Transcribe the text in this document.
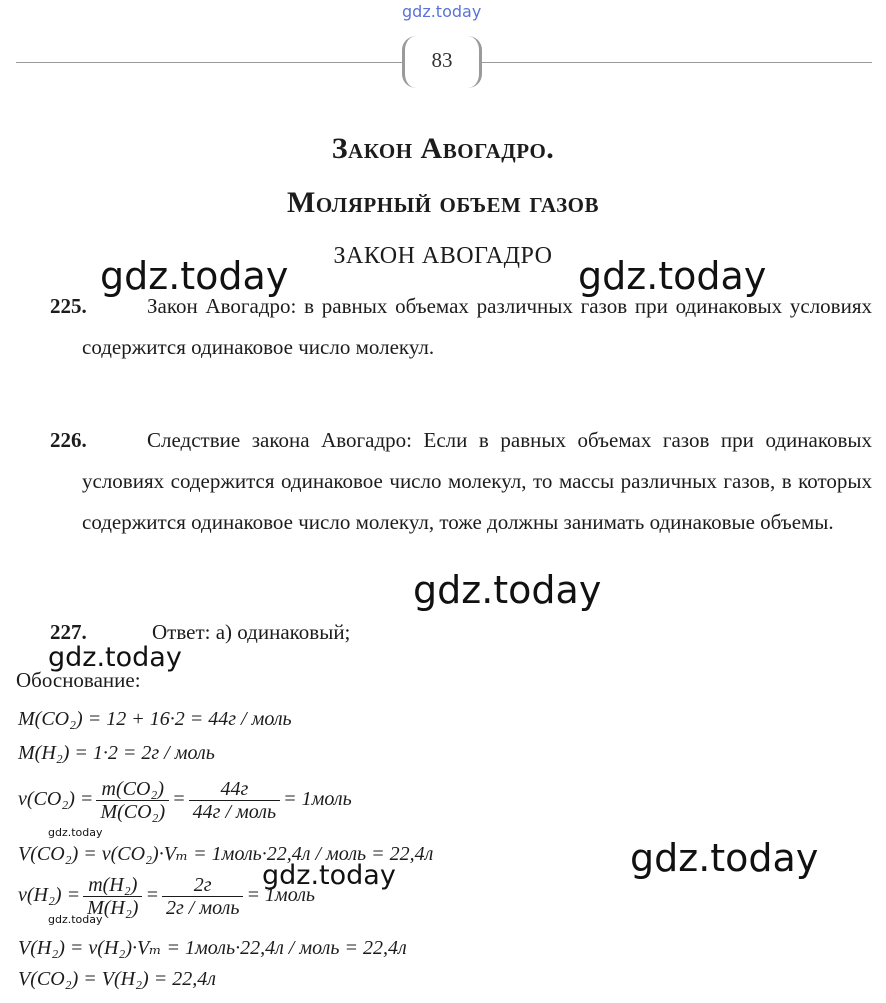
gdz.today
83
Закон Авогадро.
Молярный объем газов
ЗАКОН АВОГАДРО
gdz.today	gdz.today
225.	Закон Авогадро: в равных объемах различных газов при одинаковых условиях содержится одинаковое число молекул.
226.	Следствие закона Авогадро: Если в равных объемах газов при одинаковых условиях содержится одинаковое число молекул, то массы различных газов, в которых содержится одинаковое число молекул, тоже должны занимать одинаковые объемы.
gdz.today
227.	Ответ: а) одинаковый;
gdz.today
Обоснование:
M(CO₂) = 12 + 16·2 = 44г / моль
M(H₂) = 1·2 = 2г / моль
$\nu(CO_2) = \frac{\text{m(CO₂)}}{\text{M(CO₂)}} = \frac{44г}{\text{44г / моль}}$ = 1моль
gdz.today
V(CO₂) = ν(CO₂)·Vₘ = 1моль·22,4л / моль = 22,4л	gdz.today
gdz.today
$\nu(H_2) = \frac{\text{m(H₂)}}{\text{M(H₂)}} = \frac{2г}{\text{2г / моль}}$ = 1моль
gdz.today
V(H₂) = ν(H₂)·Vₘ = 1моль·22,4л / моль = 22,4л
V(CO₂) = V(H₂) = 22,4л
